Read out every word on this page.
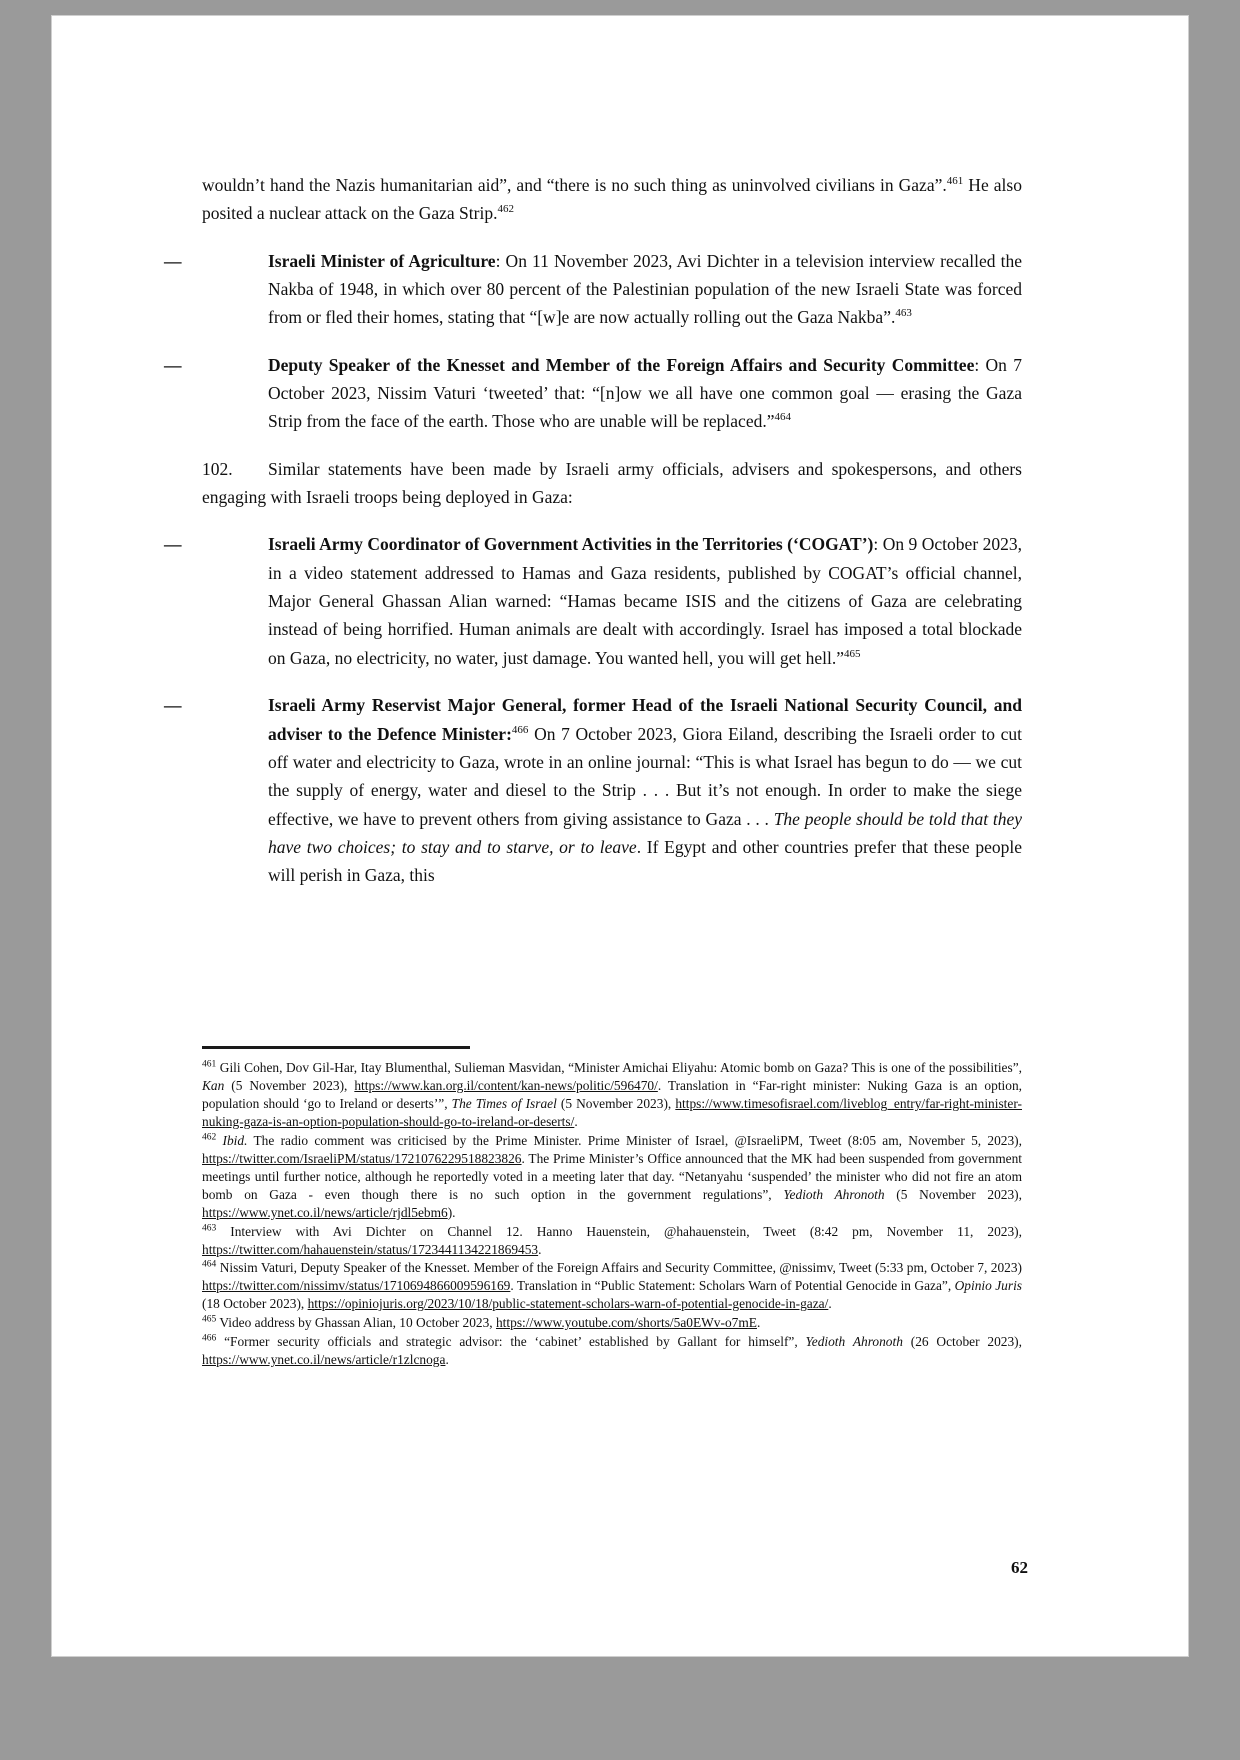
wouldn’t hand the Nazis humanitarian aid”, and “there is no such thing as uninvolved civilians in Gaza”.$^{461}$ He also posited a nuclear attack on the Gaza Strip.$^{462}$

—	Israeli Minister of Agriculture: On 11 November 2023, Avi Dichter in a television interview recalled the Nakba of 1948, in which over 80 percent of the Palestinian population of the new Israeli State was forced from or fled their homes, stating that “[w]e are now actually rolling out the Gaza Nakba”.$^{463}$

—	Deputy Speaker of the Knesset and Member of the Foreign Affairs and Security Committee: On 7 October 2023, Nissim Vaturi ‘tweeted’ that: “[n]ow we all have one common goal — erasing the Gaza Strip from the face of the earth. Those who are unable will be replaced.”$^{464}$

102. Similar statements have been made by Israeli army officials, advisers and spokespersons, and others engaging with Israeli troops being deployed in Gaza:

—	Israeli Army Coordinator of Government Activities in the Territories (‘COGAT’): On 9 October 2023, in a video statement addressed to Hamas and Gaza residents, published by COGAT’s official channel, Major General Ghassan Alian warned: “Hamas became ISIS and the citizens of Gaza are celebrating instead of being horrified. Human animals are dealt with accordingly. Israel has imposed a total blockade on Gaza, no electricity, no water, just damage. You wanted hell, you will get hell.”$^{465}$

—	Israeli Army Reservist Major General, former Head of the Israeli National Security Council, and adviser to the Defence Minister:$^{466}$ On 7 October 2023, Giora Eiland, describing the Israeli order to cut off water and electricity to Gaza, wrote in an online journal: “This is what Israel has begun to do — we cut the supply of energy, water and diesel to the Strip . . . But it’s not enough. In order to make the siege effective, we have to prevent others from giving assistance to Gaza . . . The people should be told that they have two choices; to stay and to starve, or to leave. If Egypt and other countries prefer that these people will perish in Gaza, this

$^{461}$ Gili Cohen, Dov Gil-Har, Itay Blumenthal, Sulieman Masvidan, “Minister Amichai Eliyahu: Atomic bomb on Gaza? This is one of the possibilities”, Kan (5 November 2023), https://www.kan.org.il/content/kan-news/politic/596470/. Translation in “Far-right minister: Nuking Gaza is an option, population should ‘go to Ireland or deserts’”, The Times of Israel (5 November 2023), https://www.timesofisrael.com/liveblog_entry/far-right-minister-nuking-gaza-is-an-option-population-should-go-to-ireland-or-deserts/.

$^{462}$ Ibid. The radio comment was criticised by the Prime Minister. Prime Minister of Israel, @IsraeliPM, Tweet (8:05 am, November 5, 2023), https://twitter.com/IsraeliPM/status/1721076229518823826. The Prime Minister’s Office announced that the MK had been suspended from government meetings until further notice, although he reportedly voted in a meeting later that day. “Netanyahu ‘suspended’ the minister who did not fire an atom bomb on Gaza - even though there is no such option in the government regulations”, Yedioth Ahronoth (5 November 2023), https://www.ynet.co.il/news/article/rjdl5ebm6).

$^{463}$ Interview with Avi Dichter on Channel 12. Hanno Hauenstein, @hahauenstein, Tweet (8:42 pm, November 11, 2023), https://twitter.com/hahauenstein/status/1723441134221869453.

$^{464}$ Nissim Vaturi, Deputy Speaker of the Knesset. Member of the Foreign Affairs and Security Committee, @nissimv, Tweet (5:33 pm, October 7, 2023) https://twitter.com/nissimv/status/1710694866009596169. Translation in “Public Statement: Scholars Warn of Potential Genocide in Gaza”, Opinio Juris (18 October 2023), https://opiniojuris.org/2023/10/18/public-statement-scholars-warn-of-potential-genocide-in-gaza/.

$^{465}$ Video address by Ghassan Alian, 10 October 2023, https://www.youtube.com/shorts/5a0EWv-o7mE.

$^{466}$ “Former security officials and strategic advisor: the ‘cabinet’ established by Gallant for himself”, Yedioth Ahronoth (26 October 2023), https://www.ynet.co.il/news/article/r1zlcnoga.

62
